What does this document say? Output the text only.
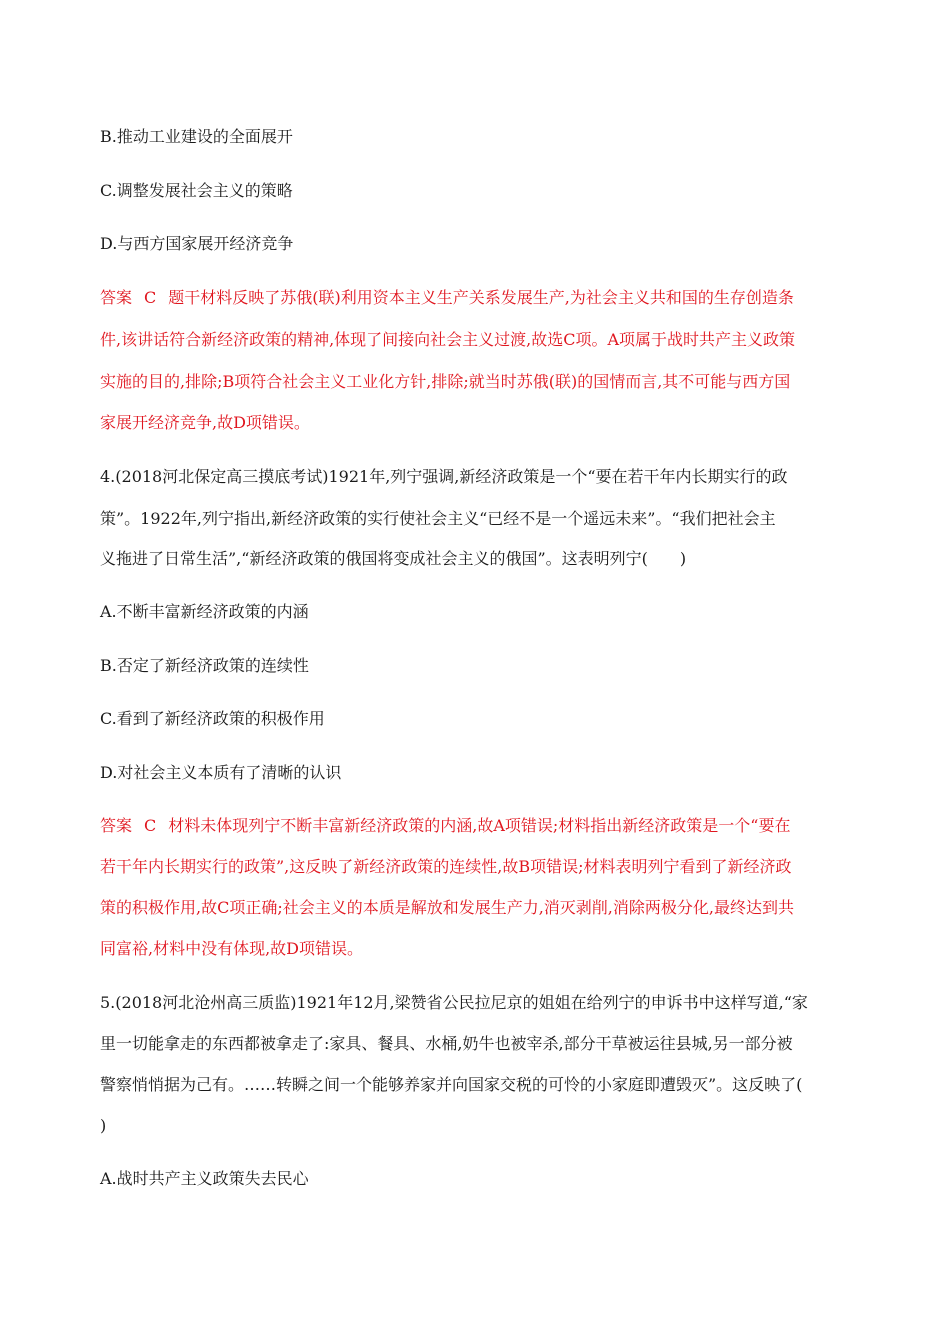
B.推动工业建设的全面展开
C.调整发展社会主义的策略
D.与西方国家展开经济竞争
答案 C 题干材料反映了苏俄(联)利用资本主义生产关系发展生产,为社会主义共和国的生存创造条
件,该讲话符合新经济政策的精神,体现了间接向社会主义过渡,故选C项。A项属于战时共产主义政策
实施的目的,排除;B项符合社会主义工业化方针,排除;就当时苏俄(联)的国情而言,其不可能与西方国
家展开经济竞争,故D项错误。
4.(2018河北保定高三摸底考试)1921年,列宁强调,新经济政策是一个“要在若干年内长期实行的政
策”。1922年,列宁指出,新经济政策的实行使社会主义“已经不是一个遥远未来”。“我们把社会主
义拖进了日常生活”,“新经济政策的俄国将变成社会主义的俄国”。这表明列宁(　　)
A.不断丰富新经济政策的内涵
B.否定了新经济政策的连续性
C.看到了新经济政策的积极作用
D.对社会主义本质有了清晰的认识
答案 C 材料未体现列宁不断丰富新经济政策的内涵,故A项错误;材料指出新经济政策是一个“要在
若干年内长期实行的政策”,这反映了新经济政策的连续性,故B项错误;材料表明列宁看到了新经济政
策的积极作用,故C项正确;社会主义的本质是解放和发展生产力,消灭剥削,消除两极分化,最终达到共
同富裕,材料中没有体现,故D项错误。
5.(2018河北沧州高三质监)1921年12月,梁赞省公民拉尼京的姐姐在给列宁的申诉书中这样写道,“家
里一切能拿走的东西都被拿走了:家具、餐具、水桶,奶牛也被宰杀,部分干草被运往县城,另一部分被
警察悄悄据为己有。……转瞬之间一个能够养家并向国家交税的可怜的小家庭即遭毁灭”。这反映了(
)
A.战时共产主义政策失去民心
